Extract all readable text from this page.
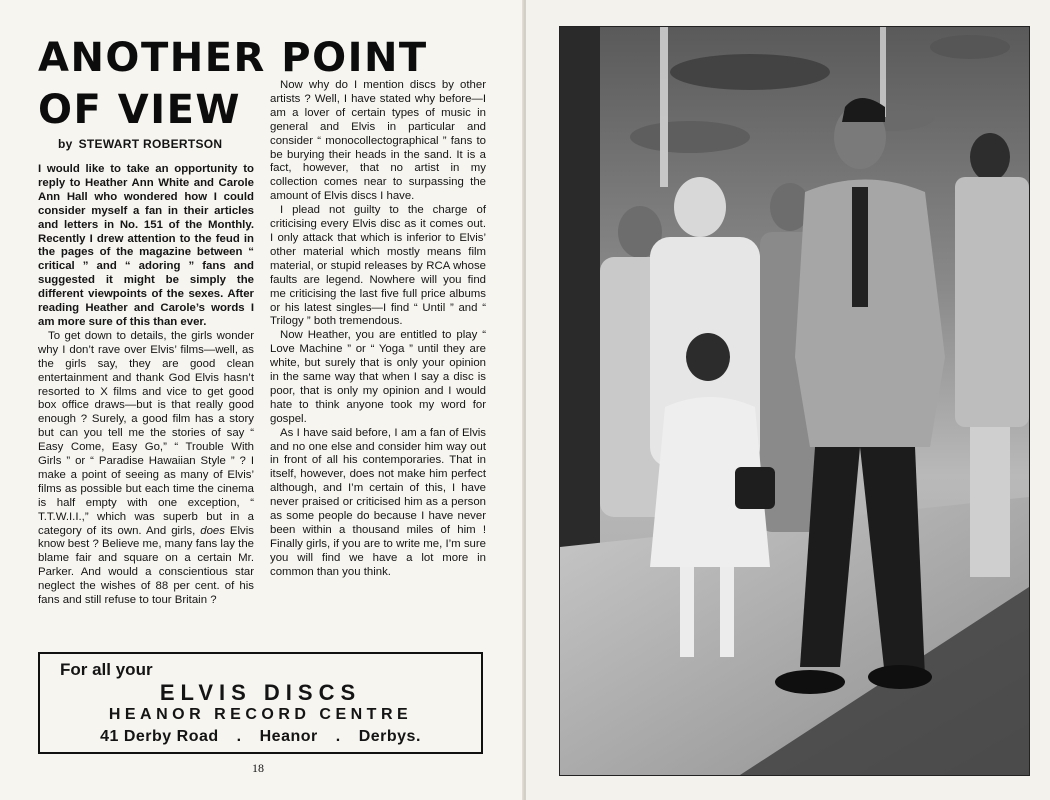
ANOTHER POINT
OF VIEW
by STEWART ROBERTSON

I would like to take an opportunity to reply to Heather Ann White and Carole Ann Hall who wondered how I could consider myself a fan in their articles and letters in No. 151 of the Monthly. Recently I drew attention to the feud in the pages of the magazine between “ critical ” and “ adoring ” fans and suggested it might be simply the different viewpoints of the sexes. After reading Heather and Carole’s words I am more sure of this than ever.

To get down to details, the girls wonder why I don’t rave over Elvis’ films—well, as the girls say, they are good clean entertainment and thank God Elvis hasn’t resorted to X films and vice to get good box office draws—but is that really good enough ? Surely, a good film has a story but can you tell me the stories of say “ Easy Come, Easy Go,” “ Trouble With Girls ” or “ Paradise Hawaiian Style ” ? I make a point of seeing as many of Elvis’ films as possible but each time the cinema is half empty with one exception, “ T.T.W.I.I.,” which was superb but in a category of its own. And girls, does Elvis know best ? Believe me, many fans lay the blame fair and square on a certain Mr. Parker. And would a conscientious star neglect the wishes of 88 per cent. of his fans and still refuse to tour Britain ?

Now why do I mention discs by other artists ? Well, I have stated why before—I am a lover of certain types of music in general and Elvis in particular and consider “ monocollectographical ” fans to be burying their heads in the sand. It is a fact, however, that no artist in my collection comes near to surpassing the amount of Elvis discs I have.

I plead not guilty to the charge of criticising every Elvis disc as it comes out. I only attack that which is inferior to Elvis’ other material which mostly means film material, or stupid releases by RCA whose faults are legend. Nowhere will you find me criticising the last five full price albums or his latest singles—I find “ Until ” and “ Trilogy ” both tremendous.

Now Heather, you are entitled to play “ Love Machine ” or “ Yoga ” until they are white, but surely that is only your opinion in the same way that when I say a disc is poor, that is only my opinion and I would hate to think anyone took my word for gospel.

As I have said before, I am a fan of Elvis and no one else and consider him way out in front of all his contemporaries. That in itself, however, does not make him perfect although, and I’m certain of this, I have never praised or criticised him as a person as some people do because I have never been within a thousand miles of him ! Finally girls, if you are to write me, I’m sure you will find we have a lot more in common than you think.

For all your
ELVIS DISCS
HEANOR RECORD CENTRE
41 Derby Road . Heanor . Derbys.
18
